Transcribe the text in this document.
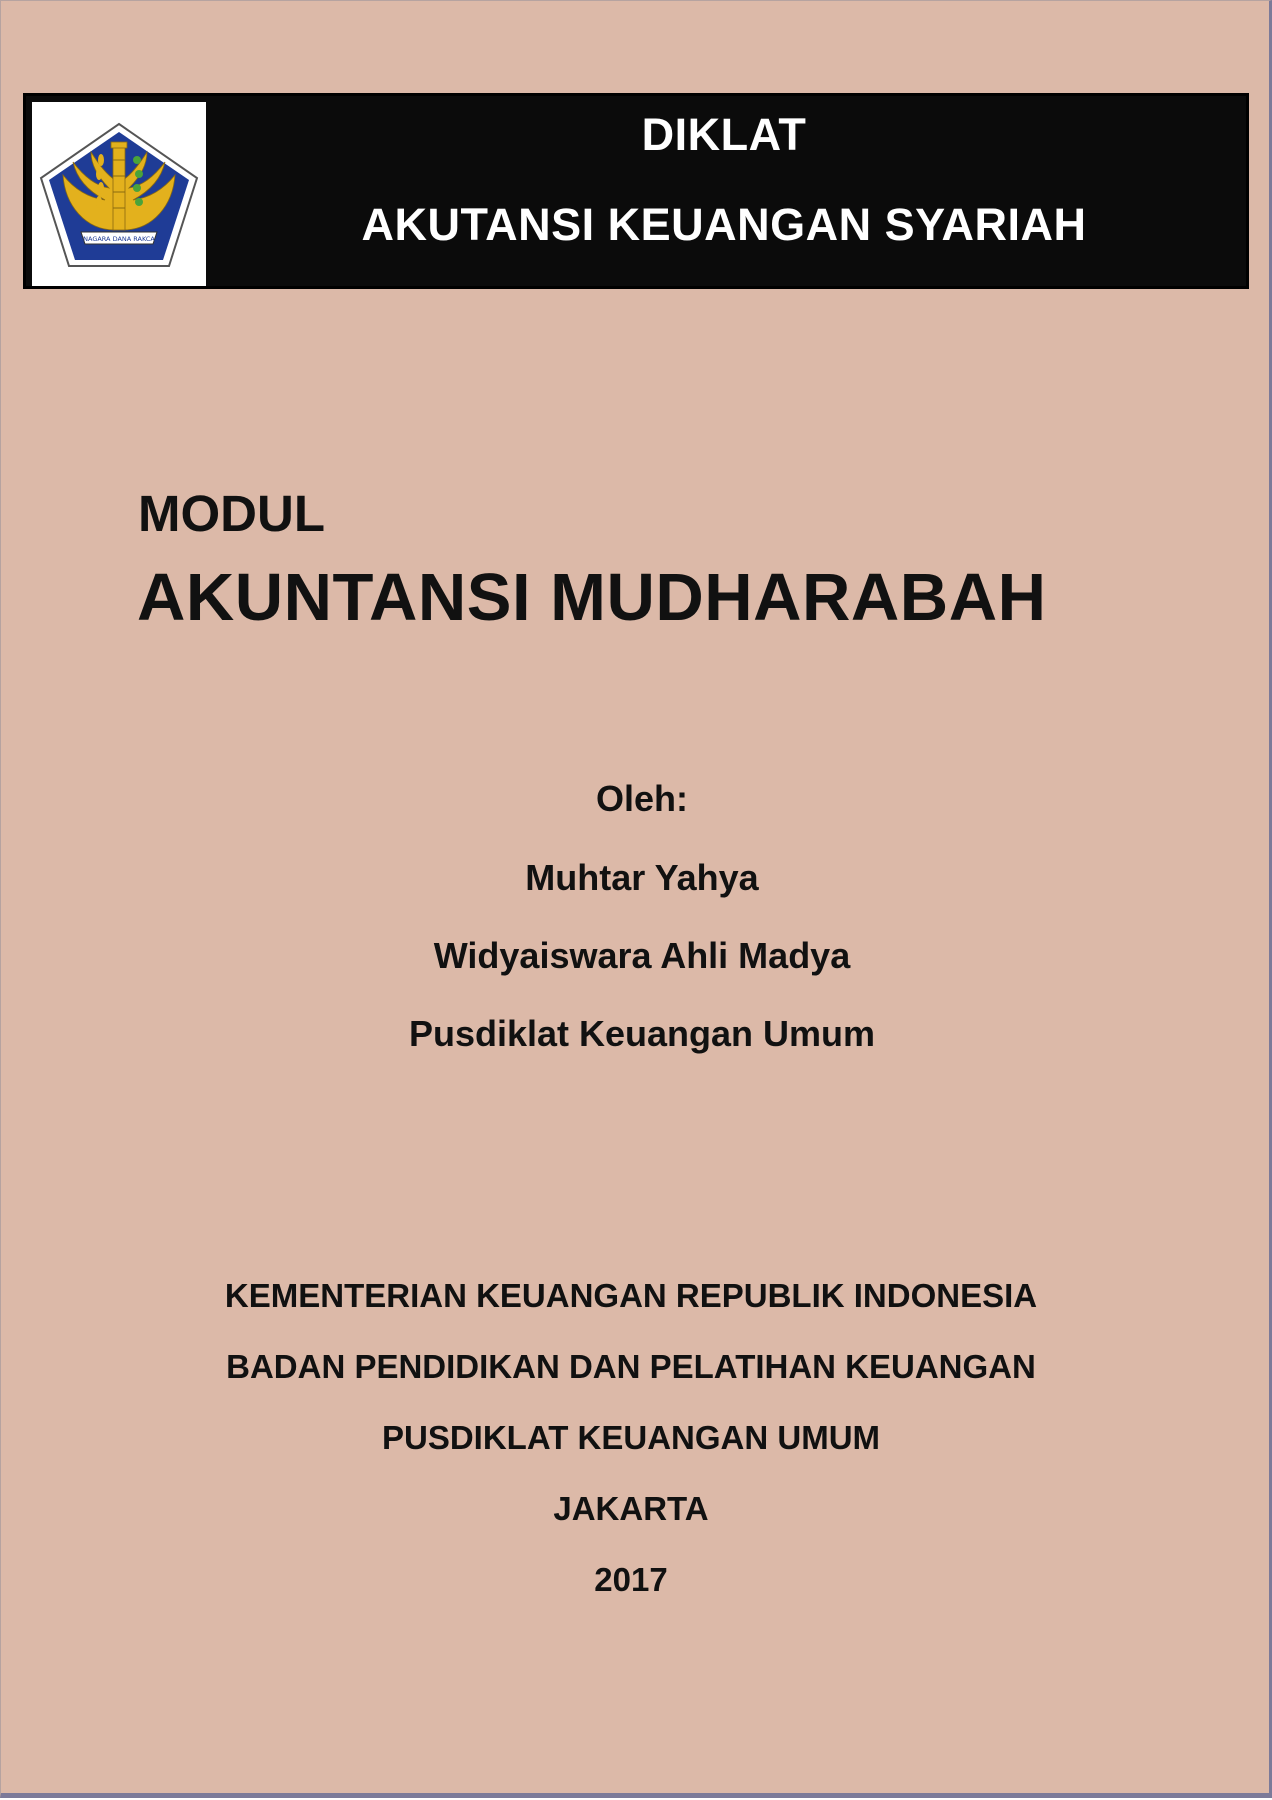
NAGARA DANA RAKCA
DIKLAT
AKUTANSI KEUANGAN SYARIAH
MODUL
AKUNTANSI MUDHARABAH
Oleh:
Muhtar Yahya
Widyaiswara Ahli Madya
Pusdiklat Keuangan Umum
KEMENTERIAN KEUANGAN REPUBLIK INDONESIA
BADAN PENDIDIKAN DAN PELATIHAN KEUANGAN
PUSDIKLAT KEUANGAN UMUM
JAKARTA
2017
